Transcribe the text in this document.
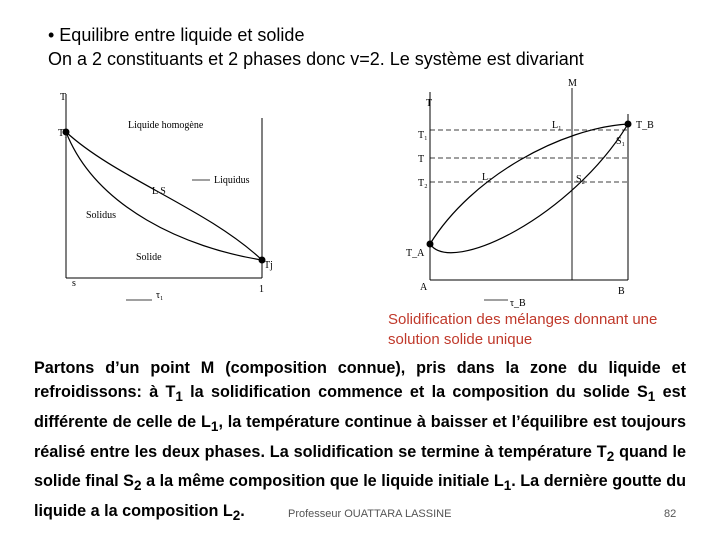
• Equilibre entre liquide et solide
On a 2 constituants et 2 phases donc v=2. Le système est divariant
T
T₁
Liquide homogène
Liquidus
L S
Solidus
Solide
Tj
s
τ₁
1
M
T
T₁
T
T₂
L₁
L₂
T_B
S₁
S₂
T_A
A	B
τ_B
Solidification des mélanges donnant une solution solide unique
Partons d’un point M (composition connue), pris dans la zone du liquide et refroidissons: à $T_1$ la solidification commence et la composition du solide $S_1$ est différente de celle de $L_1$, la température continue à baisser et l’équilibre est toujours réalisé entre les deux phases. La solidification se termine à température $T_2$ quand le solide final $S_2$ a la même composition que le liquide initiale $L_1$. La dernière goutte du liquide a la composition $L_2$.	Professeur OUATTARA LASSINE	82
